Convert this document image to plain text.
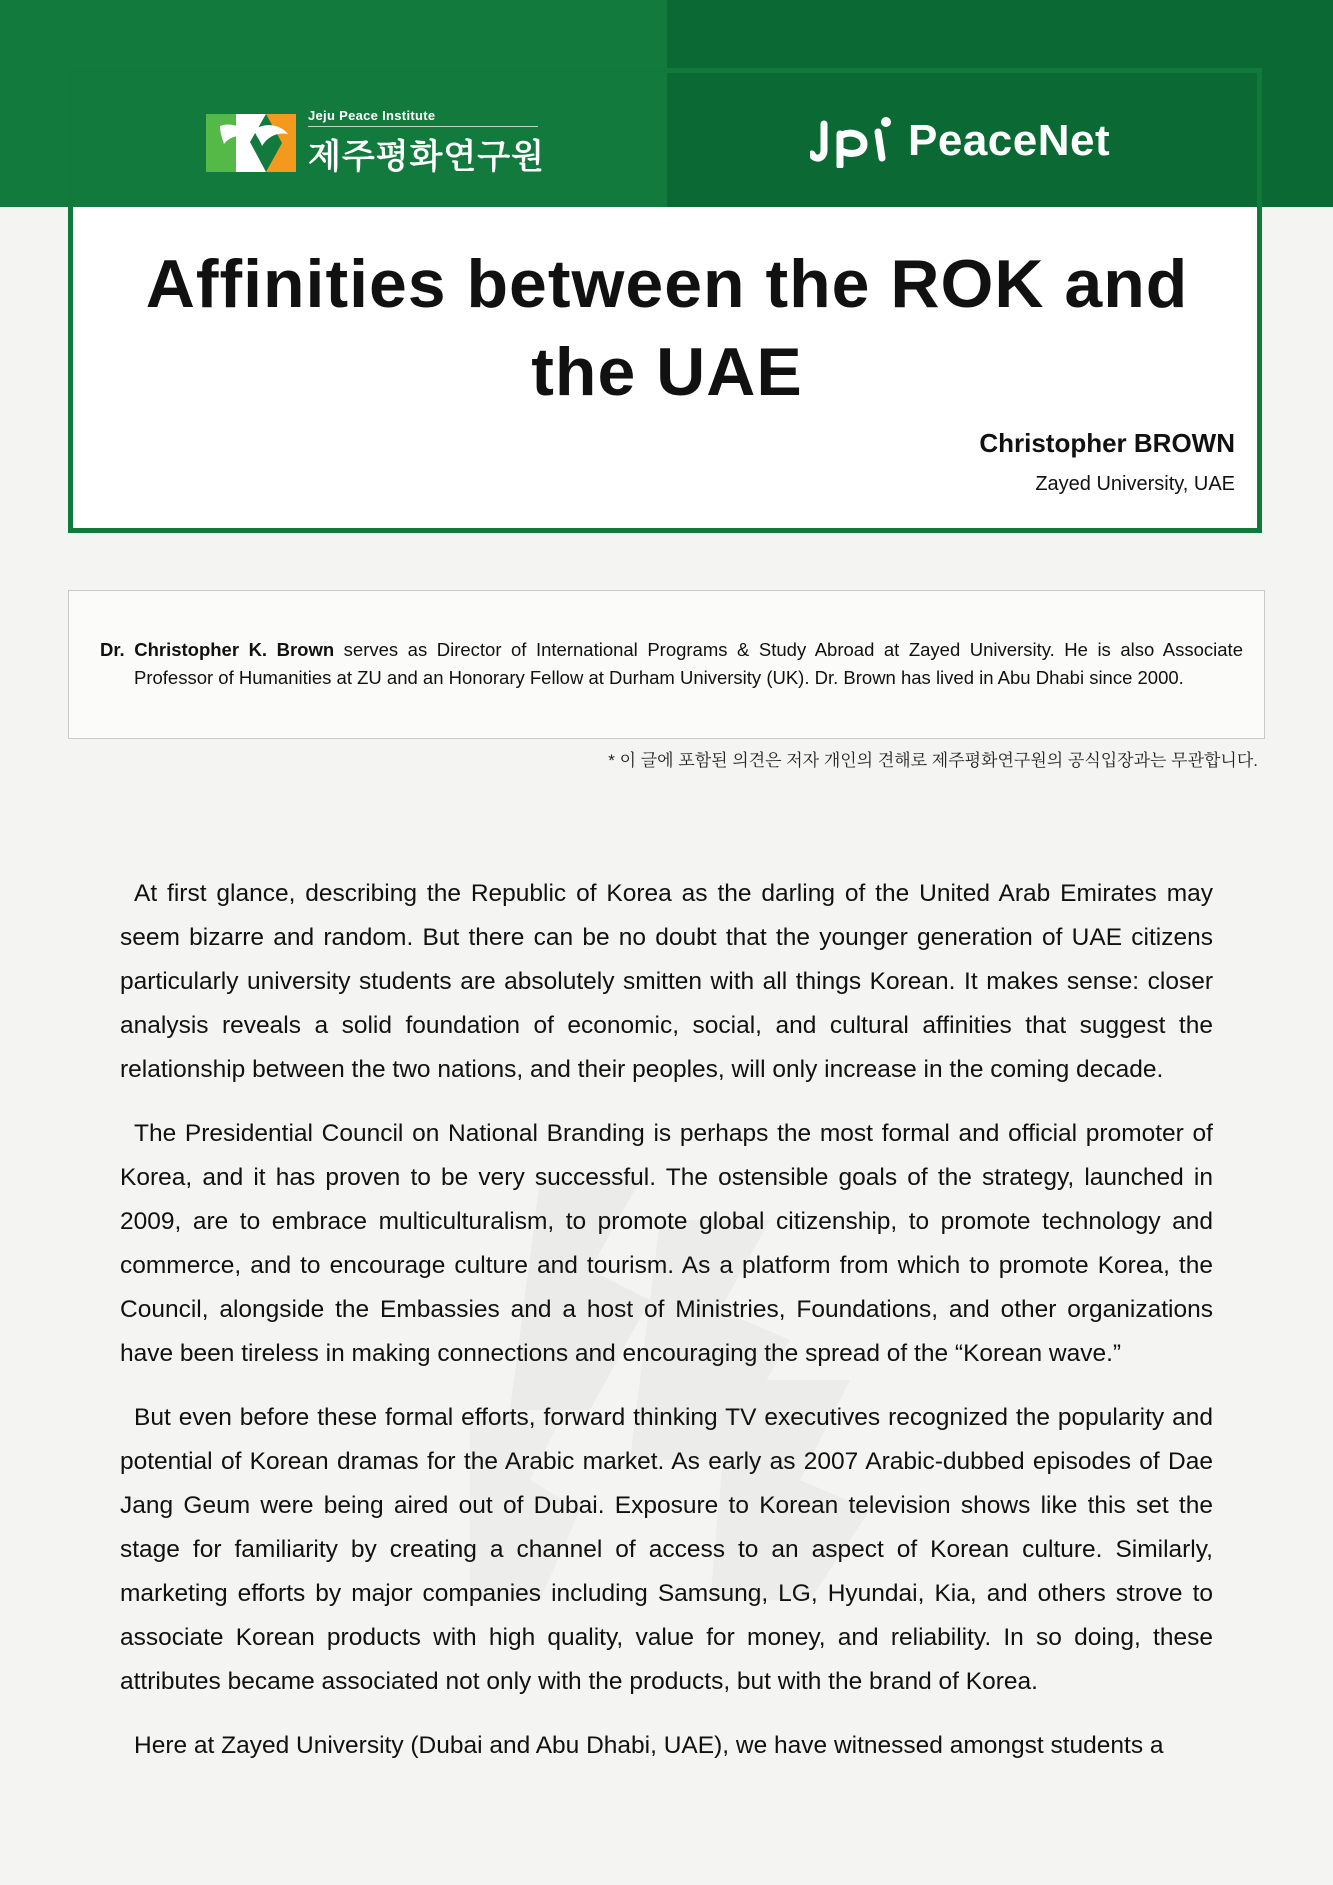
Jeju Peace Institute
제주평화연구원	PeaceNet
Affinities between the ROK and the UAE
Christopher BROWN
Zayed University, UAE
Dr. Christopher K. Brown serves as Director of International Programs & Study Abroad at Zayed University. He is also Associate Professor of Humanities at ZU and an Honorary Fellow at Durham University (UK). Dr. Brown has lived in Abu Dhabi since 2000.
* 이 글에 포함된 의견은 저자 개인의 견해로 제주평화연구원의 공식입장과는 무관합니다.

At first glance, describing the Republic of Korea as the darling of the United Arab Emirates may seem bizarre and random. But there can be no doubt that the younger generation of UAE citizens particularly university students are absolutely smitten with all things Korean. It makes sense: closer analysis reveals a solid foundation of economic, social, and cultural affinities that suggest the relationship between the two nations, and their peoples, will only increase in the coming decade.

The Presidential Council on National Branding is perhaps the most formal and official promoter of Korea, and it has proven to be very successful. The ostensible goals of the strategy, launched in 2009, are to embrace multiculturalism, to promote global citizenship, to promote technology and commerce, and to encourage culture and tourism. As a platform from which to promote Korea, the Council, alongside the Embassies and a host of Ministries, Foundations, and other organizations have been tireless in making connections and encouraging the spread of the “Korean wave.”

But even before these formal efforts, forward thinking TV executives recognized the popularity and potential of Korean dramas for the Arabic market. As early as 2007 Arabic-dubbed episodes of Dae Jang Geum were being aired out of Dubai. Exposure to Korean television shows like this set the stage for familiarity by creating a channel of access to an aspect of Korean culture. Similarly, marketing efforts by major companies including Samsung, LG, Hyundai, Kia, and others strove to associate Korean products with high quality, value for money, and reliability. In so doing, these attributes became associated not only with the products, but with the brand of Korea.

Here at Zayed University (Dubai and Abu Dhabi, UAE), we have witnessed amongst students a
